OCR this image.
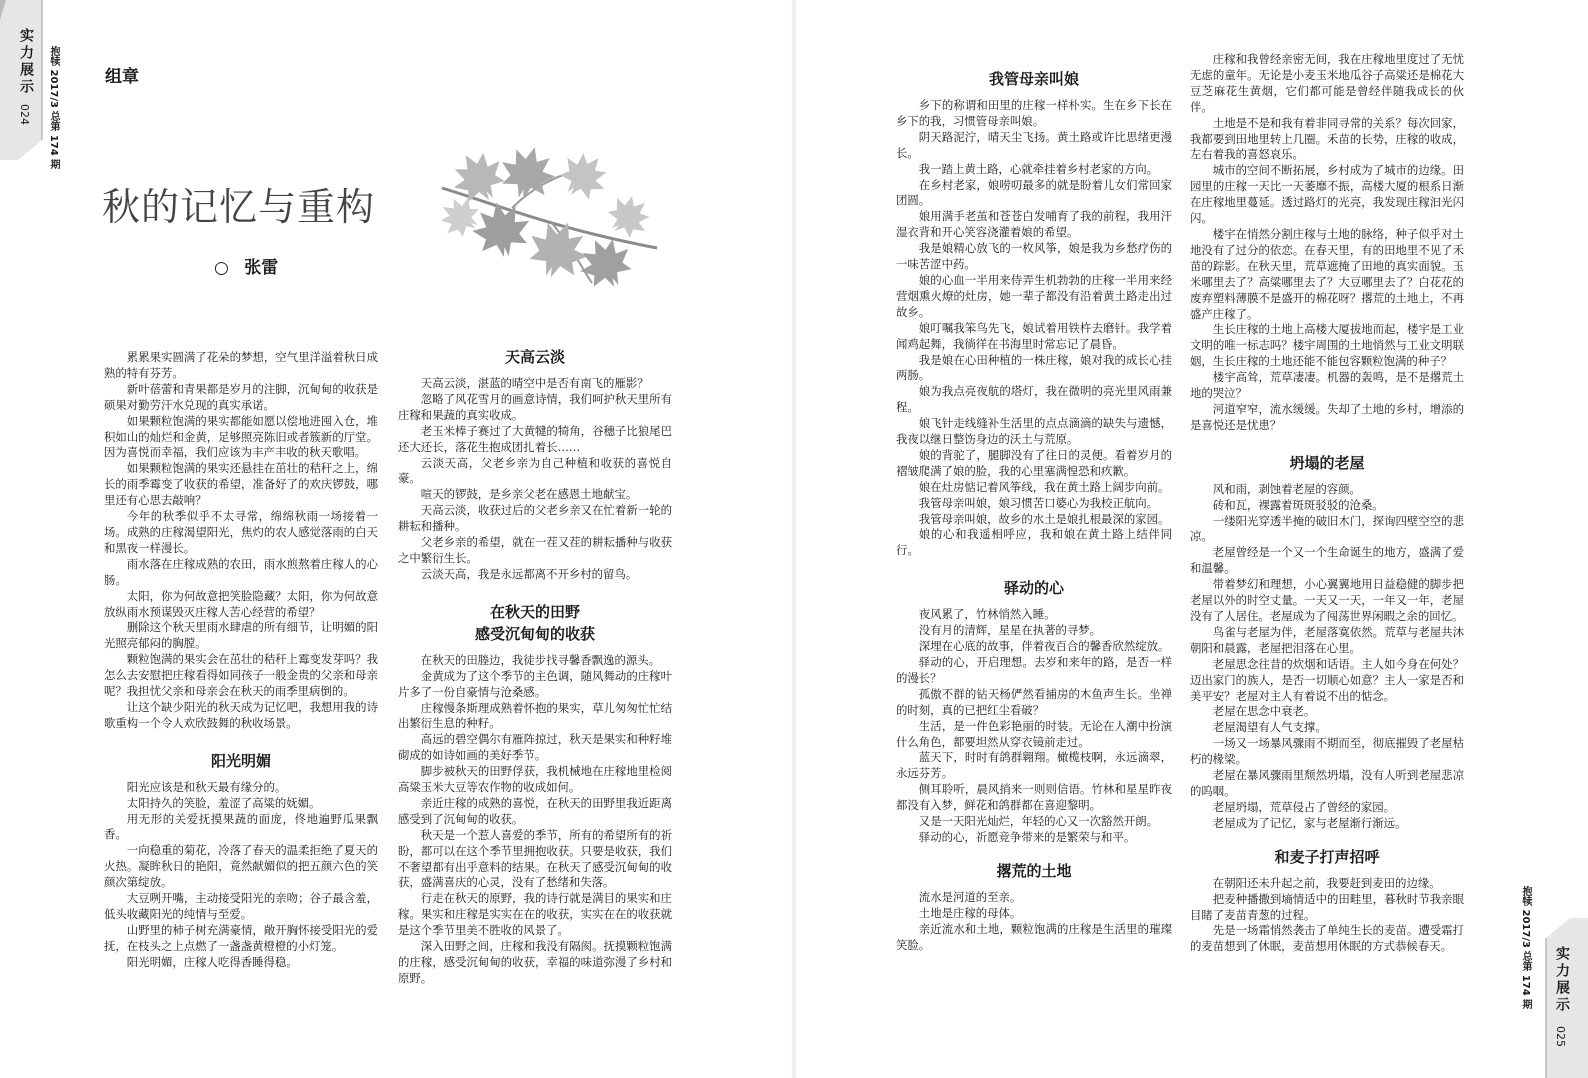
实力展示
024 抱犊 2017/3 总第 174 期	组章
秋的记忆与重构
○ 张雷

累累果实圆满了花朵的梦想，空气里洋溢着秋日成熟的特有芬芳。

新叶蓓蕾和青果都是岁月的注脚，沉甸甸的收获是硕果对勤劳汗水兑现的真实承诺。

如果颗粒饱满的果实都能如愿以偿地进囤入仓，堆积如山的灿烂和金黄，足够照亮陈旧或者簇新的厅堂。因为喜悦而幸福，我们应该为丰产丰收的秋天歌唱。

如果颗粒饱满的果实还悬挂在茁壮的秸秆之上，绵长的雨季霉变了收获的希望，准备好了的欢庆锣鼓，哪里还有心思去敲响？

今年的秋季似乎不太寻常，绵绵秋雨一场接着一场。成熟的庄稼渴望阳光，焦灼的农人感觉落雨的白天和黑夜一样漫长。

雨水落在庄稼成熟的农田，雨水煎熬着庄稼人的心肠。

太阳，你为何故意把笑脸隐藏？太阳，你为何故意放纵雨水预谋毁灭庄稼人苦心经营的希望？

删除这个秋天里雨水肆虐的所有细节，让明媚的阳光照亮郁闷的胸膛。

颗粒饱满的果实会在茁壮的秸秆上霉变发芽吗？我怎么去安慰把庄稼看得如同孩子一般金贵的父亲和母亲呢？我担忧父亲和母亲会在秋天的雨季里病倒的。

让这个缺少阳光的秋天成为记忆吧，我想用我的诗歌重构一个令人欢欣鼓舞的秋收场景。

阳光明媚

阳光应该是和秋天最有缘分的。

太阳持久的笑脸，羞涩了高粱的妩媚。

用无形的关爱抚摸果蔬的面庞，佟地遍野瓜果飘香。

一向稳重的菊花，冷落了春天的温柔拒绝了夏天的火热。凝眸秋日的艳阳，竟然献媚似的把五颜六色的笑颜次第绽放。

大豆咧开嘴，主动接受阳光的亲吻；谷子最含羞，低头收藏阳光的纯情与至爱。

山野里的柿子树充满豪情，敞开胸怀接受阳光的爱抚，在枝头之上点燃了一盏盏黄橙橙的小灯笼。

阳光明媚，庄稼人吃得香睡得稳。

天高云淡

天高云淡，湛蓝的晴空中是否有南飞的雁影？

忽略了风花雪月的画意诗情，我们呵护秋天里所有庄稼和果蔬的真实收成。

老玉米棒子赛过了大黄犍的犄角，谷穗子比狼尾巴还大还长，落花生抱成团扎着长……

云淡天高，父老乡亲为自己种植和收获的喜悦自豪。

喧天的锣鼓，是乡亲父老在感恩土地献宝。

天高云淡，收获过后的父老乡亲又在忙着新一轮的耕耘和播种。

父老乡亲的希望，就在一茬又茬的耕耘播种与收获之中繁衍生长。

云淡天高，我是永远都离不开乡村的留鸟。

在秋天的田野
感受沉甸甸的收获

在秋天的田塍边，我徒步找寻馨香飘逸的源头。

金黄成为了这个季节的主色调，随风舞动的庄稼叶片多了一份自豪情与沧桑感。

庄稼慢条斯理成熟着怀抱的果实，草儿匆匆忙忙结出繁衍生息的种籽。

高远的碧空偶尔有雁阵掠过，秋天是果实和种籽堆砌成的如诗如画的美好季节。

脚步被秋天的田野俘获，我机械地在庄稼地里检阅高粱玉米大豆等农作物的收成如何。

亲近庄稼的成熟的喜悦，在秋天的田野里我近距离感受到了沉甸甸的收获。

秋天是一个惹人喜爱的季节，所有的希望所有的祈盼，都可以在这个季节里拥抱收获。只要是收获，我们不奢望都有出乎意料的结果。在秋天了感受沉甸甸的收获，盛满喜庆的心灵，没有了愁绪和失落。

行走在秋天的原野，我的诗行就是满目的果实和庄稼。果实和庄稼是实实在在的收获，实实在在的收获就是这个季节里美不胜收的风景了。

深入田野之间，庄稼和我没有隔阂。抚摸颗粒饱满的庄稼，感受沉甸甸的收获，幸福的味道弥漫了乡村和原野。

我管母亲叫娘

乡下的称谓和田里的庄稼一样朴实。生在乡下长在乡下的我，习惯管母亲叫娘。

阴天路泥泞，晴天尘飞扬。黄土路或许比思绪更漫长。

我一踏上黄土路，心就牵挂着乡村老家的方向。

在乡村老家，娘唠叨最多的就是盼着儿女们常回家团圆。

娘用满手老茧和苍苍白发哺育了我的前程，我用汗湿衣背和开心笑容浇灌着娘的希望。

我是娘精心放飞的一枚风筝，娘是我为乡愁疗伤的一味苦涩中药。

娘的心血一半用来侍弄生机勃勃的庄稼一半用来经营烟熏火燎的灶房，她一辈子都没有沿着黄土路走出过故乡。

娘叮嘱我笨鸟先飞，娘试着用铁杵去磨针。我学着闻鸡起舞，我徜徉在书海里时常忘记了晨昏。

我是娘在心田种植的一株庄稼，娘对我的成长心挂两肠。

娘为我点亮夜航的塔灯，我在微明的亮光里风雨兼程。

娘飞针走线缝补生活里的点点滴滴的缺失与遗憾，我夜以继日整饬身边的沃土与荒原。

娘的背驼了，腿脚没有了往日的灵便。看着岁月的褶皱爬满了娘的脸，我的心里塞满惶恐和疚歉。

娘在灶房惦记着风筝线，我在黄土路上阔步向前。

我管母亲叫娘，娘习惯苦口婆心为我校正航向。

我管母亲叫娘，故乡的水土是娘扎根最深的家园。

娘的心和我遥相呼应，我和娘在黄土路上结伴同行。

驿动的心

夜风累了，竹林悄然入睡。

没有月的清辉，星星在执著的寻梦。

深埋在心底的故事，伴着夜百合的馨香欣然绽放。

驿动的心，开启理想。去岁和来年的路，是否一样的漫长？

孤傲不群的钻天杨俨然看捕房的木鱼声生长。坐禅的时刻，真的已把红尘看破？

生活，是一件色彩艳丽的时装。无论在人潮中扮演什么角色，都要坦然从穿衣镜前走过。

蓝天下，时时有鸽群翱翔。橄榄枝啊，永远滴翠，永远芬芳。

侧耳聆听，晨风捎来一则则信语。竹林和星星昨夜都没有入梦，鲜花和鸽群都在喜迎黎明。

又是一天阳光灿烂，年轻的心又一次豁然开朗。

驿动的心，祈愿竞争带来的是繁荣与和平。

撂荒的土地

流水是河道的至亲。

土地是庄稼的母体。

亲近流水和土地，颗粒饱满的庄稼是生活里的璀璨笑脸。

庄稼和我曾经亲密无间，我在庄稼地里度过了无忧无虑的童年。无论是小麦玉米地瓜谷子高粱还是棉花大豆芝麻花生黄烟，它们都可能是曾经伴随我成长的伙伴。

土地是不是和我有着非同寻常的关系？每次回家，我都要到田地里转上几圈。禾苗的长势，庄稼的收成，左右着我的喜怒哀乐。

城市的空间不断拓展，乡村成为了城市的边缘。田园里的庄稼一天比一天萎靡不振，高楼大厦的根系日渐在庄稼地里蔓延。透过路灯的光亮，我发现庄稼汩光闪闪。

楼宇在悄然分割庄稼与土地的脉络，种子似乎对土地没有了过分的依恋。在春天里，有的田地里不见了禾苗的踪影。在秋天里，荒草遮掩了田地的真实面貌。玉米哪里去了？高粱哪里去了？大豆哪里去了？白花花的废弃塑料薄膜不是盛开的棉花呀？撂荒的土地上，不再盛产庄稼了。

生长庄稼的土地上高楼大厦拔地而起，楼宇是工业文明的唯一标志吗？楼宇周围的土地悄然与工业文明联姻，生长庄稼的土地还能不能包容颗粒饱满的种子？

楼宇高耸，荒草凄凄。机器的轰鸣，是不是撂荒土地的哭泣？

河道窄窄，流水缓缓。失却了土地的乡村，增添的是喜悦还是忧患？

坍塌的老屋

风和雨，剥蚀着老屋的容颜。

砖和瓦，裸露着斑斑驳驳的沧桑。

一缕阳光穿透半掩的破旧木门，探询四壁空空的悲凉。

老屋曾经是一个又一个生命诞生的地方，盛满了爱和温馨。

带着梦幻和理想，小心翼翼地用日益稳健的脚步把老屋以外的时空丈量。一天又一天，一年又一年，老屋没有了人居住。老屋成为了闯荡世界闲暇之余的回忆。

鸟雀与老屋为伴，老屋落寞依然。荒草与老屋共沐朝阳和晨露，老屋把泪落在心里。

老屋思念往昔的炊烟和话语。主人如今身在何处？迈出家门的族人，是否一切顺心如意？主人一家是否和美平安？老屋对主人有着说不出的惦念。

老屋在思念中衰老。

老屋渴望有人气支撑。

一场又一场暴风骤雨不期而至，彻底摧毁了老屋枯朽的椽梁。

老屋在暴风骤雨里颓然坍塌，没有人听到老屋悲凉的呜咽。

老屋坍塌，荒草侵占了曾经的家园。

老屋成为了记忆，家与老屋渐行渐远。

和麦子打声招呼

在朝阳还未升起之前，我要赶到麦田的边缘。

把麦种播撒到墒情适中的田畦里，暮秋时节我亲眼目睹了麦苗青葱的过程。

先是一场霜悄然袭击了单纯生长的麦苗。遭受霜打的麦苗想到了休眠，麦苗想用休眠的方式恭候春天。	实力展示
025
抱犊 2017/3 总第 174 期
